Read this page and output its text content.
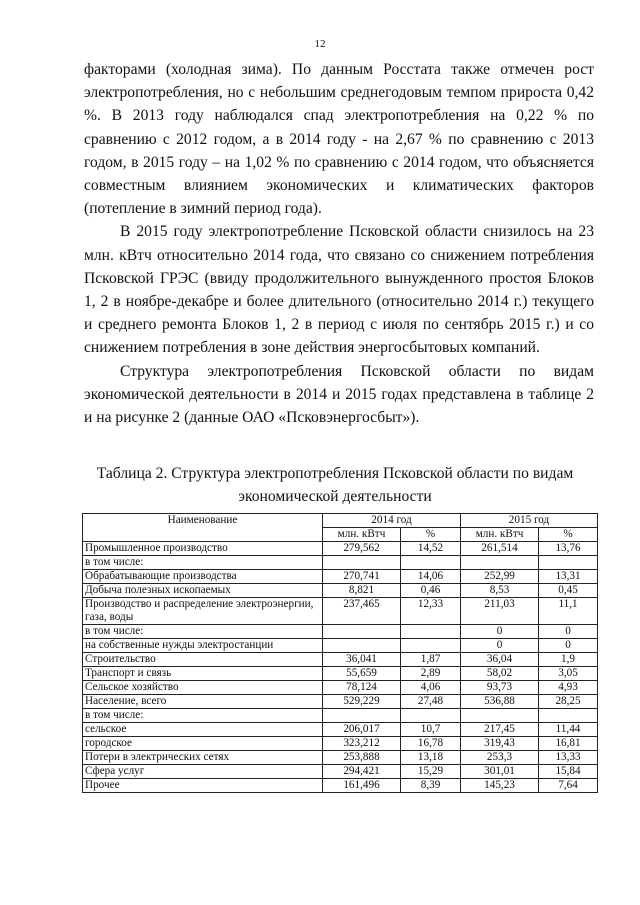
12

факторами (холодная зима). По данным Росстата также отмечен рост электропотребления, но с небольшим среднегодовым темпом прироста 0,42 %. В 2013 году наблюдался спад электропотребления на 0,22 % по сравнению с 2012 годом, а в 2014 году - на 2,67 % по сравнению с 2013 годом, в 2015 году – на 1,02 % по сравнению с 2014 годом, что объясняется совместным влиянием экономических и климатических факторов (потепление в зимний период года).

В 2015 году электропотребление Псковской области снизилось на 23 млн. кВтч относительно 2014 года, что связано со снижением потребления Псковской ГРЭС (ввиду продолжительного вынужденного простоя Блоков 1, 2 в ноябре-декабре и более длительного (относительно 2014 г.) текущего и среднего ремонта Блоков 1, 2 в период с июля по сентябрь 2015 г.) и со снижением потребления в зоне действия энергосбытовых компаний.

Структура электропотребления Псковской области по видам экономической деятельности в 2014 и 2015 годах представлена в таблице 2 и на рисунке 2 (данные ОАО «Псковэнергосбыт»).

Таблица 2. Структура электропотребления Псковской области по видам
экономической деятельности
Наименование	2014 год		2015 год	
	млн. кВтч	%	млн. кВтч	%
Промышленное производство	279,562	14,52	261,514	13,76
в том числе:				
Обрабатывающие производства	270,741	14,06	252,99	13,31
Добыча полезных ископаемых	8,821	0,46	8,53	0,45
Производство и распределение электроэнергии, газа, воды	237,465	12,33	211,03	11,1
в том числе:			0	0
на собственные нужды электростанции			0	0
Строительство	36,041	1,87	36,04	1,9
Транспорт и связь	55,659	2,89	58,02	3,05
Сельское хозяйство	78,124	4,06	93,73	4,93
Население, всего	529,229	27,48	536,88	28,25
в том числе:				
сельское	206,017	10,7	217,45	11,44
городское	323,212	16,78	319,43	16,81
Потери в электрических сетях	253,888	13,18	253,3	13,33
Сфера услуг	294,421	15,29	301,01	15,84
Прочее	161,496	8,39	145,23	7,64
